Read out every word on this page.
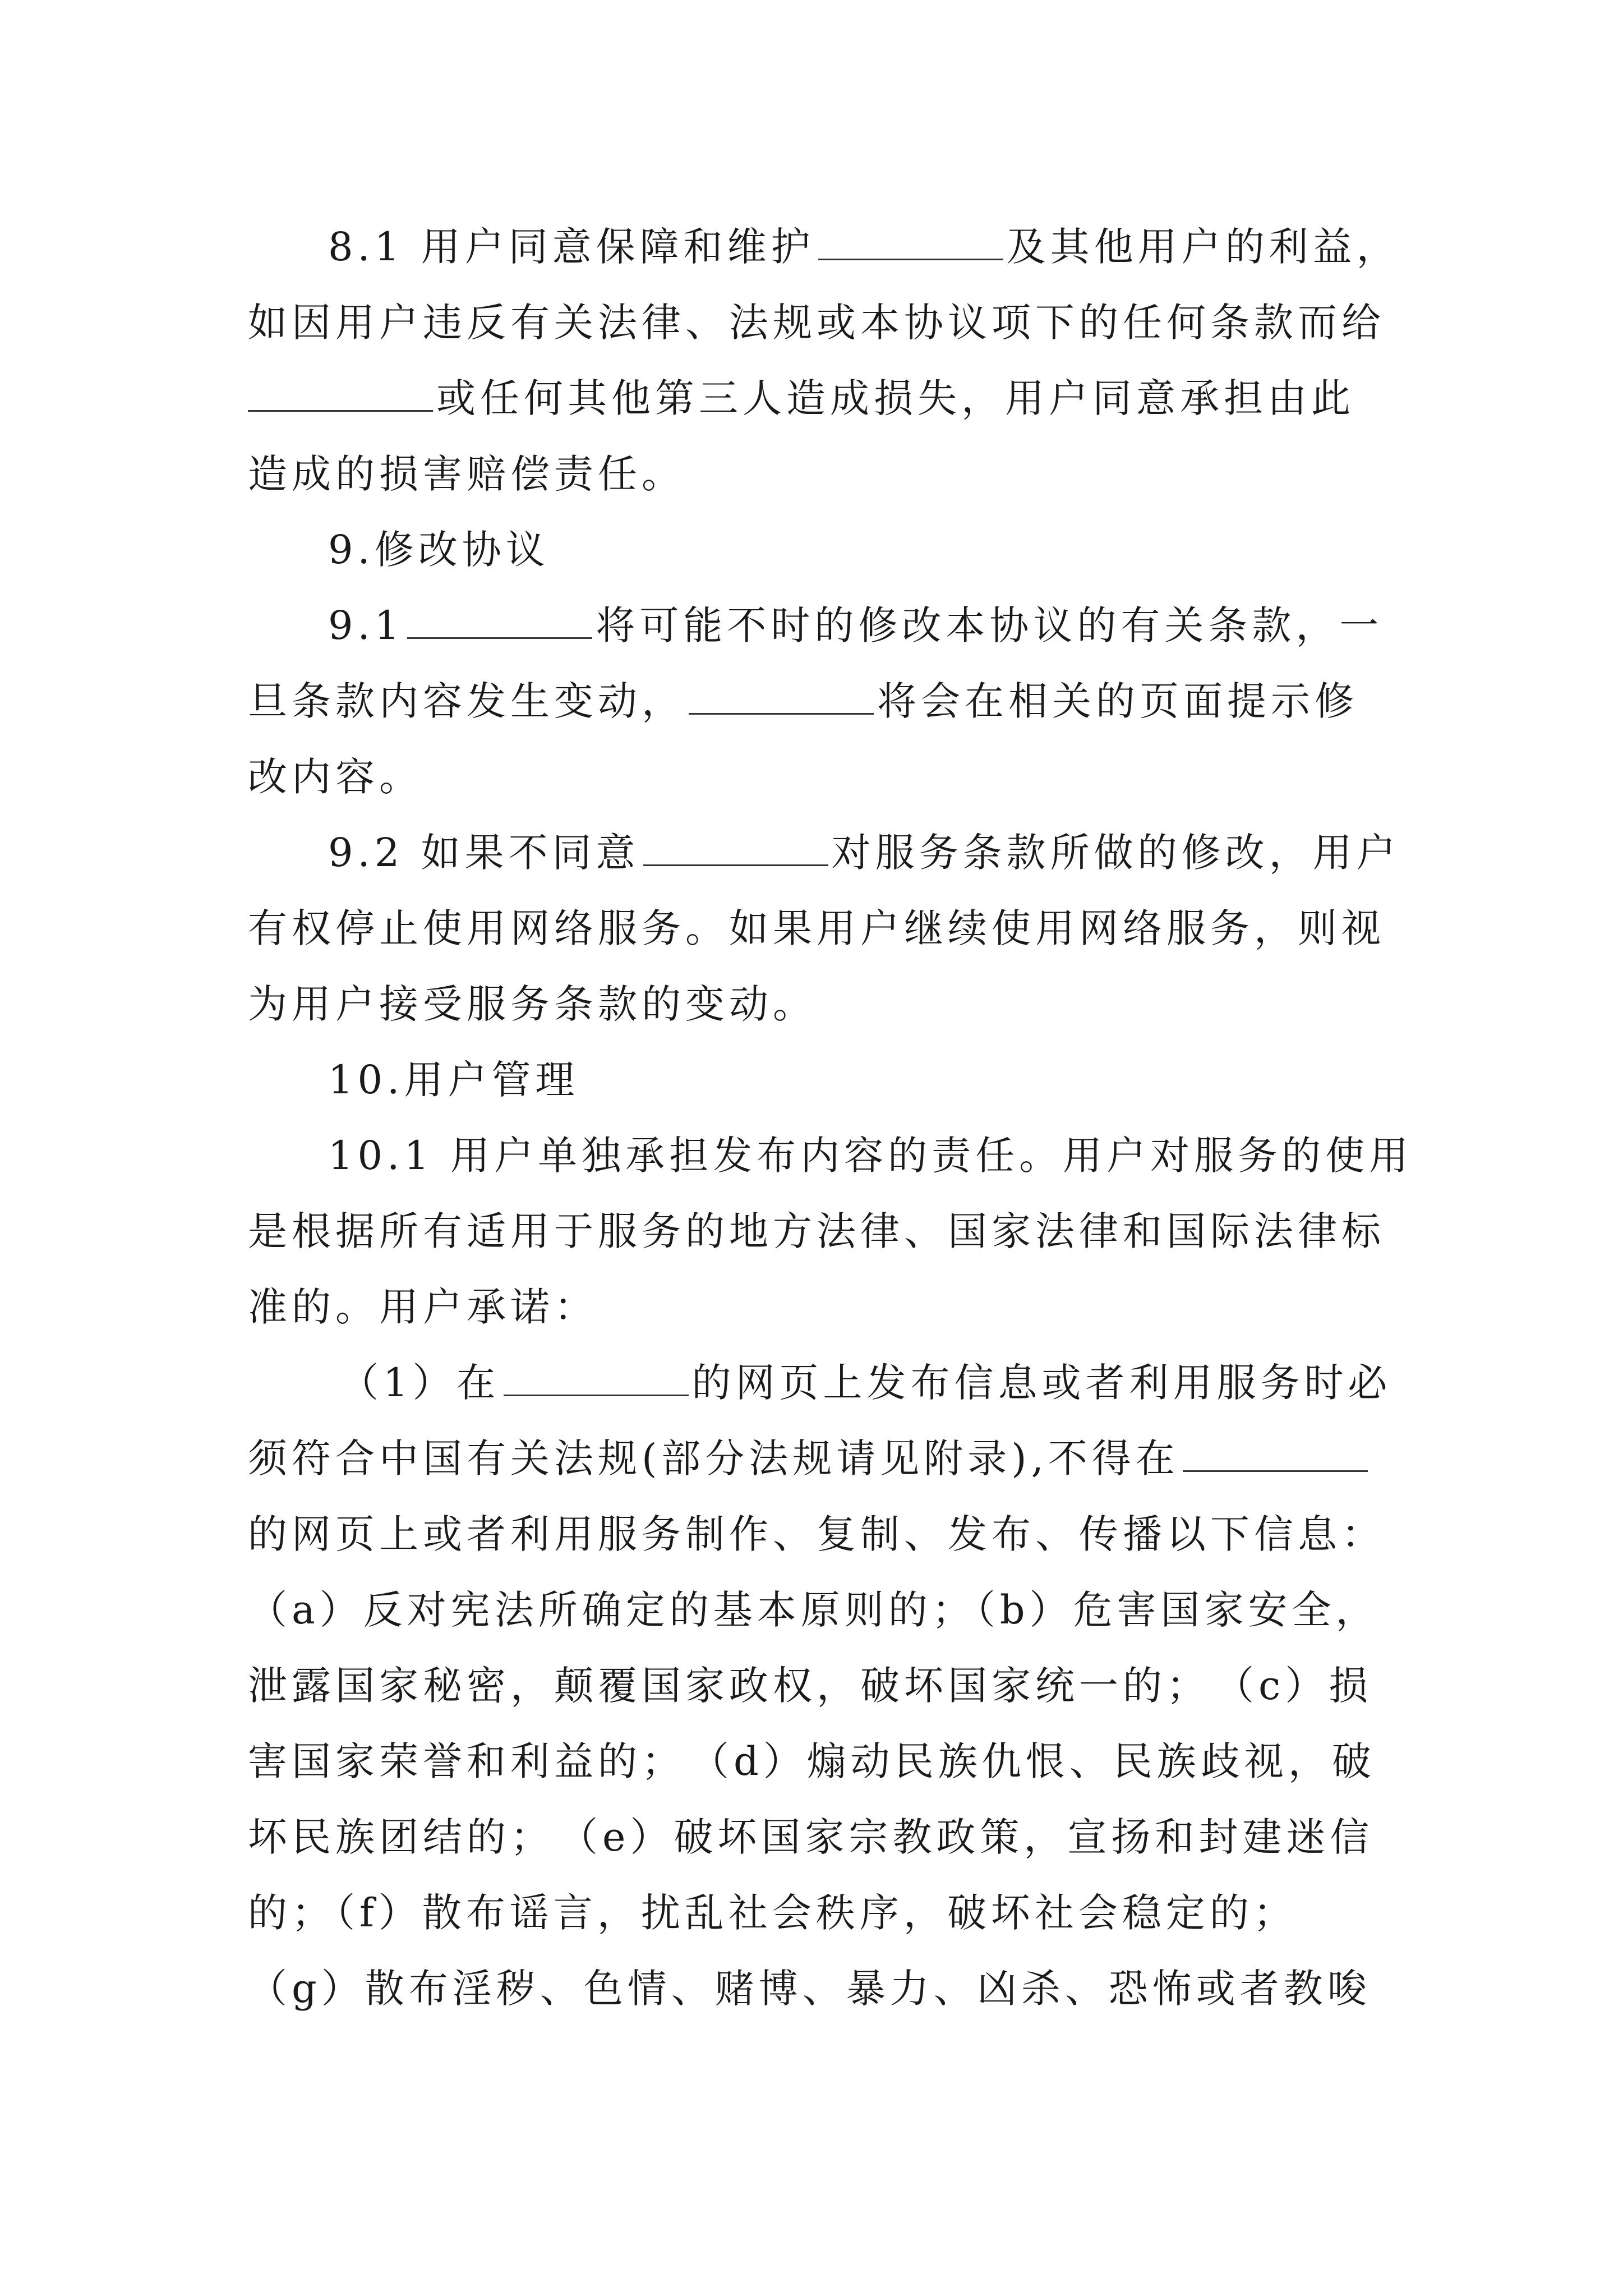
8.1 用户同意保障和维护	及其他用户的利益，
如因用户违反有关法律、法规或本协议项下的任何条款而给
或任何其他第三人造成损失，用户同意承担由此
造成的损害赔偿责任。
9.修改协议
9.1	将可能不时的修改本协议的有关条款，一
旦条款内容发生变动，	将会在相关的页面提示修
改内容。
9.2 如果不同意	对服务条款所做的修改，用户
有权停止使用网络服务。如果用户继续使用网络服务，则视
为用户接受服务条款的变动。
10.用户管理
10.1 用户单独承担发布内容的责任。用户对服务的使用
是根据所有适用于服务的地方法律、国家法律和国际法律标
准的。用户承诺：
（1）在	的网页上发布信息或者利用服务时必
须符合中国有关法规(部分法规请见附录),不得在
的网页上或者利用服务制作、复制、发布、传播以下信息：
（a）反对宪法所确定的基本原则的；（b）危害国家安全，
泄露国家秘密，颠覆国家政权，破坏国家统一的；　（c）损
害国家荣誉和利益的；　（d）煽动民族仇恨、民族歧视，破
坏民族团结的；　（e）破坏国家宗教政策，宣扬和封建迷信
的；（f）散布谣言，扰乱社会秩序，破坏社会稳定的；
（g）散布淫秽、色情、赌博、暴力、凶杀、恐怖或者教唆
